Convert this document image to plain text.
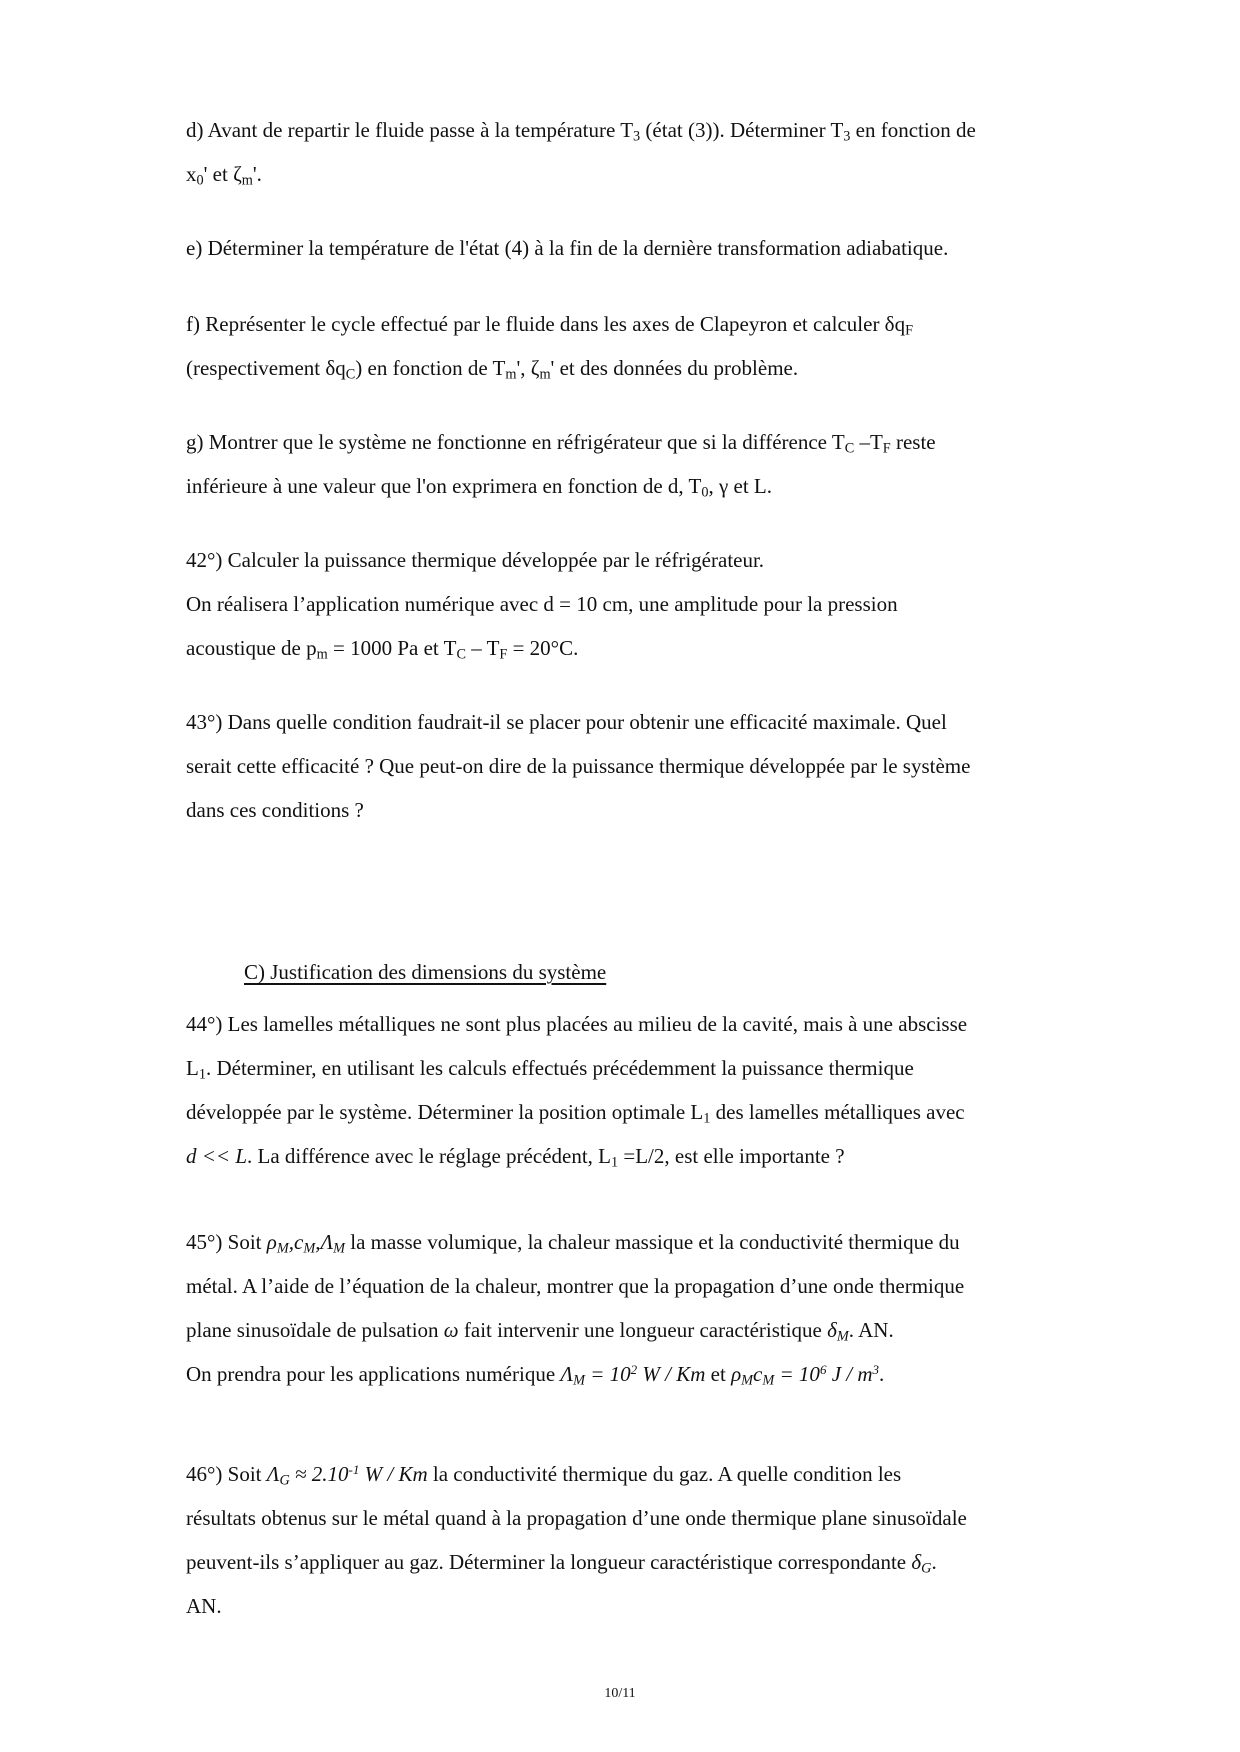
d) Avant de repartir le fluide passe à la température $T_3$ (état (3)). Déterminer $T_3$ en fonction de
$x_0'$ et $\zeta_m'$.
e) Déterminer la température de l'état (4) à la fin de la dernière transformation adiabatique.
f) Représenter le cycle effectué par le fluide dans les axes de Clapeyron et calculer $\delta q_F$
(respectivement $\delta q_C$) en fonction de $T_m'$, $\zeta_m'$ et des données du problème.
g) Montrer que le système ne fonctionne en réfrigérateur que si la différence $T_C$ $-T_F$ reste
inférieure à une valeur que l'on exprimera en fonction de d, $T_0$, γ et L.
42°) Calculer la puissance thermique développée par le réfrigérateur.
On réalisera l’application numérique avec d = 10 cm, une amplitude pour la pression
acoustique de $p_m = 1000$ Pa et $T_C - T_F = 20^\circ C$.
43°) Dans quelle condition faudrait-il se placer pour obtenir une efficacité maximale. Quel
serait cette efficacité ? Que peut-on dire de la puissance thermique développée par le système
dans ces conditions ?
C) Justification des dimensions du système
44°) Les lamelles métalliques ne sont plus placées au milieu de la cavité, mais à une abscisse
$L_1$. Déterminer, en utilisant les calculs effectués précédemment la puissance thermique
développée par le système. Déterminer la position optimale $L_1$ des lamelles métalliques avec
d << L. La différence avec le réglage précédent, $L_1 =L/2$, est elle importante ?
45°) Soit $\rho_M,c_M,\Lambda_M$ la masse volumique, la chaleur massique et la conductivité thermique du
métal. A l’aide de l’équation de la chaleur, montrer que la propagation d’une onde thermique
plane sinusoïdale de pulsation ω fait intervenir une longueur caractéristique $\delta_M$. AN.
On prendra pour les applications numérique $\Lambda_M = 10^2$ W / Km et $\rho_Mc_M = 10^6$ J / $m^3$.
46°) Soit $\Lambda_G \approx 2.10^{-1}$ W / Km la conductivité thermique du gaz. A quelle condition les
résultats obtenus sur le métal quand à la propagation d’une onde thermique plane sinusoïdale
peuvent-ils s’appliquer au gaz. Déterminer la longueur caractéristique correspondante $\delta_G$.
AN.
10/11
